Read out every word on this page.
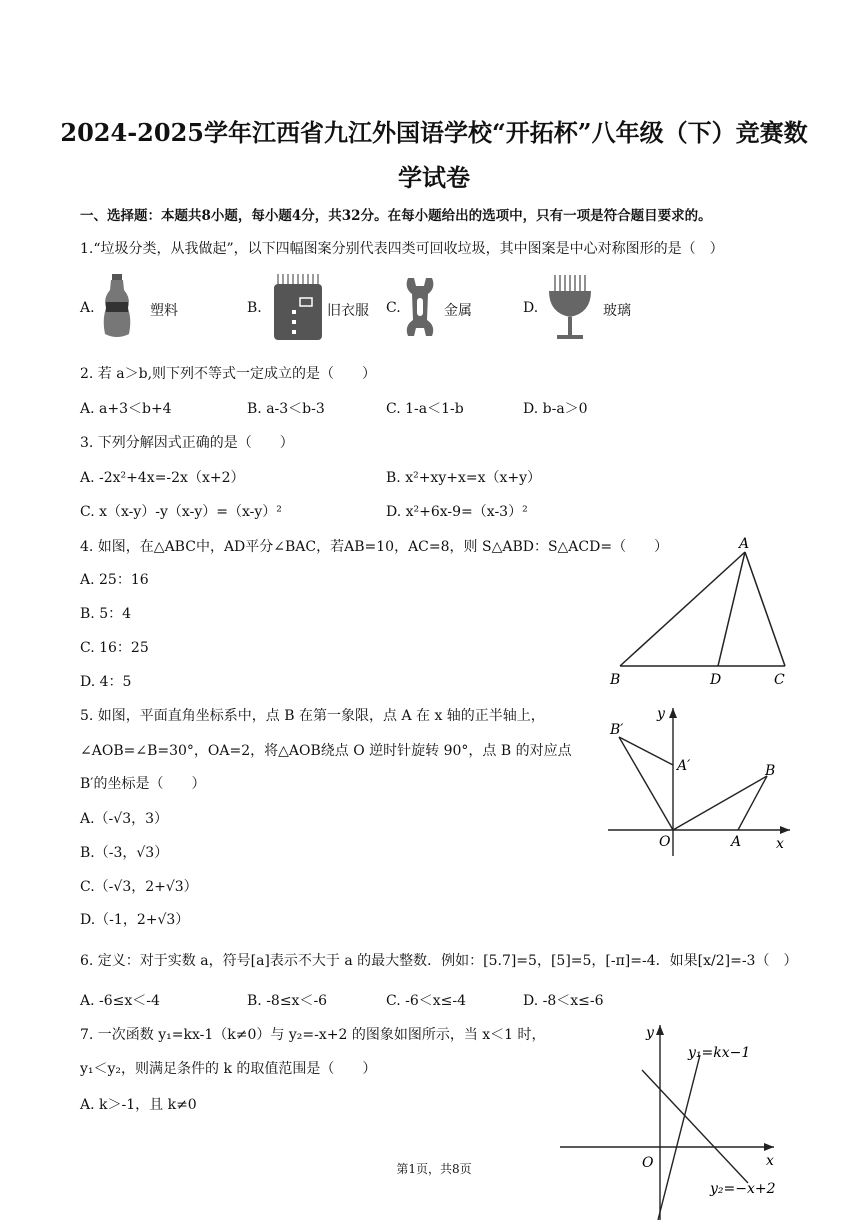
2024-2025学年江西省九江外国语学校“开拓杯”八年级（下）竞赛数
学试卷
一、选择题：本题共8小题，每小题4分，共32分。在每小题给出的选项中，只有一项是符合题目要求的。
1.“垃圾分类，从我做起”，以下四幅图案分别代表四类可回收垃圾，其中图案是中心对称图形的是（　）
A.	塑料	B.	旧衣服 C.	金属	D.	玻璃
2. 若 a＞b,则下列不等式一定成立的是（　　）
A. a+3＜b+4	B. a-3＜b-3	C. 1-a＜1-b	D. b-a＞0
3. 下列分解因式正确的是（　　）
A. -2x²+4x=-2x（x+2）	B. x²+xy+x=x（x+y）
C. x（x-y）-y（x-y）=（x-y）²	D. x²+6x-9=（x-3）²
4. 如图，在△ABC中，AD平分∠BAC，若AB=10，AC=8，则 S△ABD：S△ACD=（　　）
A. 25：16
B. 5：4
C. 16：25
D. 4：5
A
B	D	C
5. 如图，平面直角坐标系中，点 B 在第一象限，点 A 在 x 轴的正半轴上，
∠AOB=∠B=30°，OA=2，将△AOB绕点 O 逆时针旋转 90°，点 B 的对应点
B′的坐标是（　　）
A.（-√3，3）
B.（-3，√3）
C.（-√3，2+√3）
D.（-1，2+√3）
y
x
O	A
B
A′
B′
6. 定义：对于实数 a，符号[a]表示不大于 a 的最大整数．例如：[5.7]=5，[5]=5，[-π]=-4．如果[x/2]=-3（　）
A. -6≤x＜-4	B. -8≤x＜-6	C. -6＜x≤-4	D. -8＜x≤-6
7. 一次函数 y₁=kx-1（k≠0）与 y₂=-x+2 的图象如图所示，当 x＜1 时，
y₁＜y₂，则满足条件的 k 的取值范围是（　　）
A. k＞-1，且 k≠0
y
x
O
y₁=kx−1
y₂=−x+2
第1页，共8页
